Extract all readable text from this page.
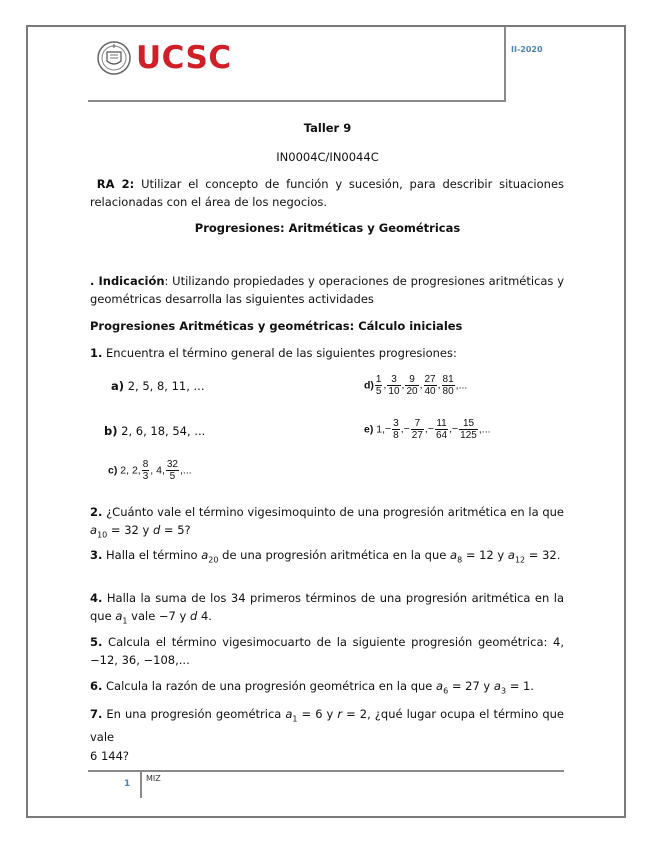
UCSC	II-2020
Taller 9
IN0004C/IN0044C
RA 2: Utilizar el concepto de función y sucesión, para describir situaciones relacionadas con el área de los negocios.
Progresiones: Aritméticas y Geométricas
. Indicación: Utilizando propiedades y operaciones de progresiones aritméticas y geométricas desarrolla las siguientes actividades
Progresiones Aritméticas y geométricas: Cálculo iniciales
1. Encuentra el término general de las siguientes progresiones:
a) 2, 5, 8, 11, ...
b) 2, 6, 18, 54, ...
c) 2, 2, $\frac{8}{3}$ , 4, $\frac{32}{5}$ ,...
$d) \frac{1}{5}$ , $\frac{3}{10}$ , $\frac{9}{20}$ , $\frac{27}{40}$ , $\frac{81}{80}$ ,...
e) $1,- \frac{3}{8}$ ,− $\frac{7}{27}$ ,− $\frac{11}{64}$ ,− $\frac{15}{125}$ ,...
2. ¿Cuánto vale el término vigesimoquinto de una progresión aritmética en la que $a_{10} = 32$ y d = 5?
3. Halla el término $a_{20}$ de una progresión aritmética en la que $a_8 = 12$ y $a_{12} = 32$.
4. Halla la suma de los 34 primeros términos de una progresión aritmética en la que $a_1$ vale −7 y d 4.
5. Calcula el término vigesimocuarto de la siguiente progresión geométrica: 4, −12, 36, −108,...
6. Calcula la razón de una progresión geométrica en la que $a_6 = 27$ y $a_3 = 1$.
7. En una progresión geométrica $a_1 = 6$ y r = 2, ¿qué lugar ocupa el término que vale
6 144?
1
MIZ
